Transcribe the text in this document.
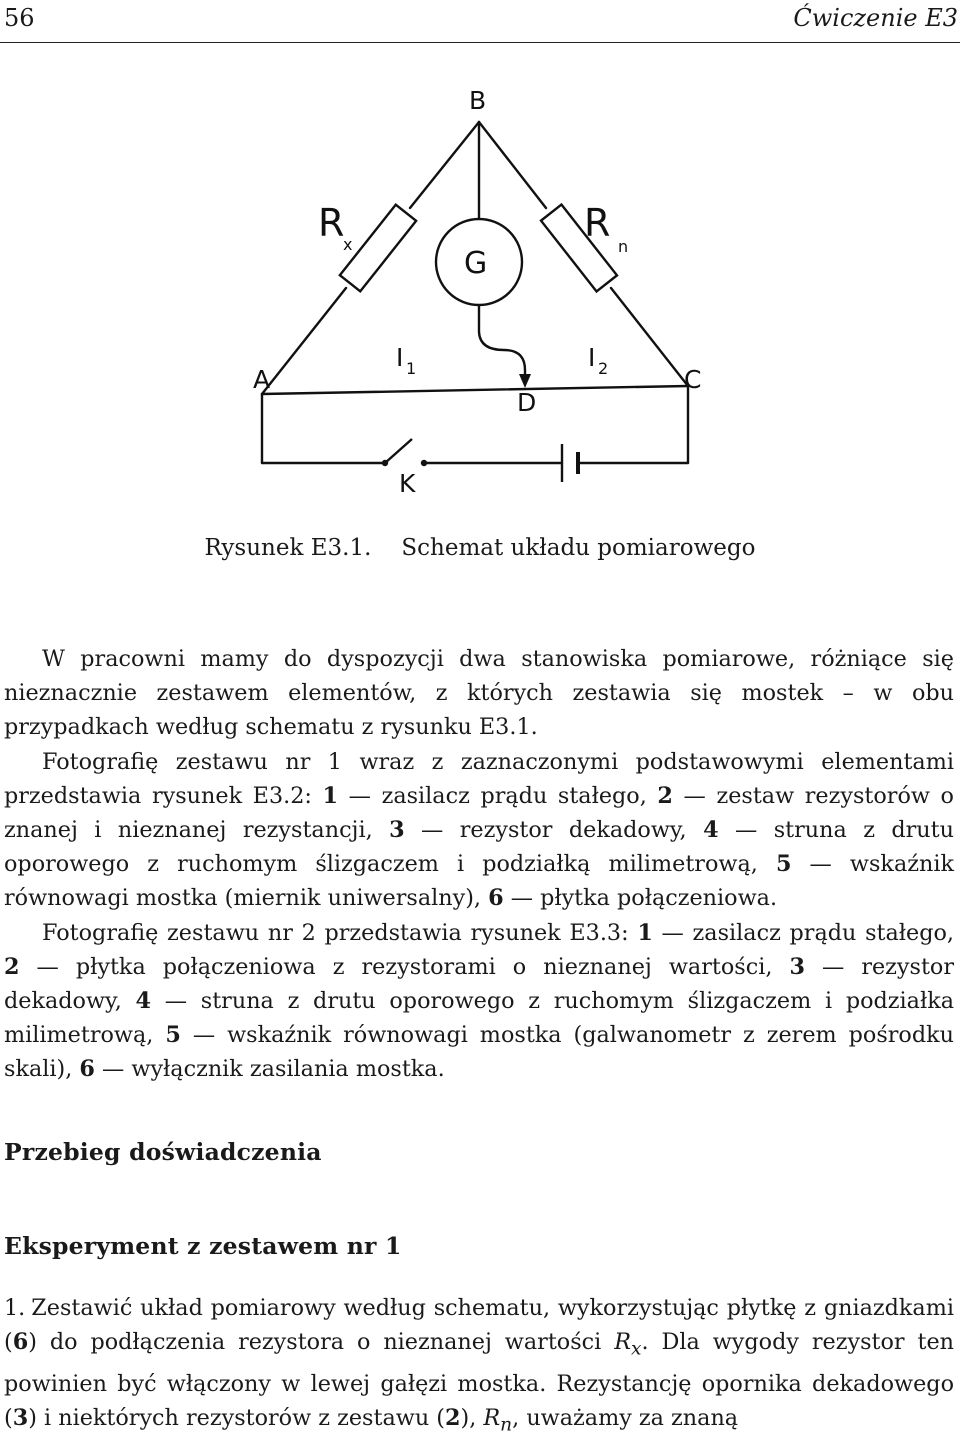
56	Ćwiczenie E3
B
A	C
D
K
G
R
x	R
n
I 1	I 2
Rysunek E3.1. Schemat układu pomiarowego

W pracowni mamy do dyspozycji dwa stanowiska pomiarowe, różniące się nieznacznie zestawem elementów, z których zestawia się mostek – w obu przypadkach według schematu z rysunku E3.1.

Fotografię zestawu nr 1 wraz z zaznaczonymi podstawowymi elementami przedstawia rysunek E3.2: 1 — zasilacz prądu stałego, 2 — zestaw rezystorów o znanej i nieznanej rezystancji, 3 — rezystor dekadowy, 4 — struna z drutu oporowego z ruchomym ślizgaczem i podziałką milimetrową, 5 — wskaźnik równowagi mostka (miernik uniwersalny), 6 — płytka połączeniowa.

Fotografię zestawu nr 2 przedstawia rysunek E3.3: 1 — zasilacz prądu stałego, 2 — płytka połączeniowa z rezystorami o nieznanej wartości, 3 — rezystor dekadowy, 4 — struna z drutu oporowego z ruchomym ślizgaczem i podziałka milimetrową, 5 — wskaźnik równowagi mostka (galwanometr z zerem pośrodku skali), 6 — wyłącznik zasilania mostka.

Przebieg doświadczenia
Eksperyment z zestawem nr 1

1. Zestawić układ pomiarowy według schematu, wykorzystując płytkę z gniazdkami (6) do podłączenia rezystora o nieznanej wartości $R_x$. Dla wygody rezystor ten powinien być włączony w lewej gałęzi mostka. Rezystancję opornika dekadowego (3) i niektórych rezystorów z zestawu (2), $R_n$, uważamy za znaną
